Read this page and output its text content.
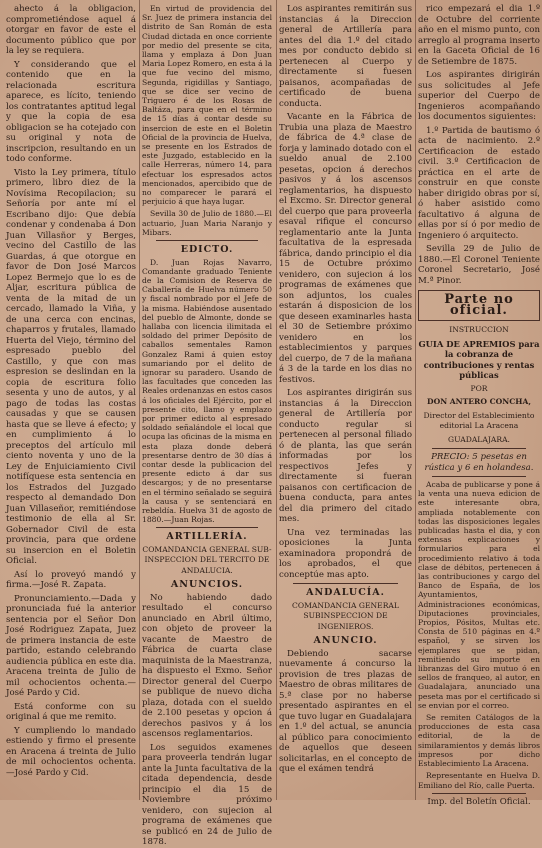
ahecto á la obligacion, comprometiéndose aquel á otorgar en favor de este el documento público que por la ley se requiera.

Y considerando que el contenido que en la relacionada escritura aparece, es lícito, teniendo los contratantes aptitud legal y que la copia de esa obligacion se ha cotejado con su original y nota de inscripcion, resultando en un todo conforme.

Visto la Ley primera, título primero, libro diez de la Novísima Recopilacion; su Señoría por ante mí el Escribano dijo: Que debía condenar y condenaba á Don Juan Villasñor y Berges, vecino del Castillo de las Guardas, á que otorgue en favor de Don José Marcos Lopez Bermejo que lo es de Aljar, escritura pública de venta de la mitad de un cercado, llamado la Viña, y de una cerca con encinas, chaparros y frutales, llamado Huerta del Viejo, término del espresado pueblo del Castillo, y que con mas espresion se deslindan en la copia de escritura folio sesenta y uno de autos, y al pago de todas las costas causadas y que se causen hasta que se lleve á efecto; y en cumplimiento á lo preceptos del artículo mil ciento noventa y uno de la Ley de Enjuiciamiento Civil notifíquese esta sentencia en los Estrados del Juzgado respecto al demandado Don Juan Villaseñor, remitiéndose testimonio de ella al Sr. Gobernador Civil de esta provincia, para que ordene su insercion en el Boletin Oficial.

Así lo proveyó mandó y firma.—José R. Zapata.

Pronunciamiento.—Dada y pronunciada fué la anterior sentencia por el Señor Don José Rodriguez Zapata, Juez de primera instancia de este partido, estando celebrando audiencia pública en este dia. Aracena treinta de Julio de mil ochocientos ochenta.—José Pardo y Cid.

Está conforme con su original á que me remito.

Y cumpliendo lo mandado estiendo y firmo el presente en Aracena á treinta de Julio de mil ochocientos ochenta.—José Pardo y Cid.

En virtud de providencia del Sr. Juez de primera instancia del distrito de San Román de esta Ciudad dictada en once corriente por medio del presente se cita, llama y emplaza á Don Juan Maria Lopez Romero, en esta á la que fue vecino del mismo, Segunda, rigidillas y Santiago, que se dice ser vecino de Triguero é de los Rosas de Baltáza, para que en el término de 15 días á contar desde su insercion de este en el Boletin Oficial de la provincia de Huelva, se presente en los Estrados de este Juzgado, establecido en la calle Herreras, número 14, para efectuar los espresados actos mencionados, apercibido que de no comparecer le parará el perjuicio á que haya lugar.

Sevilla 30 de Julio de 1880.—El actuario, Juan Maria Naranjo y Mibars.

EDICTO.

D. Juan Rojas Navarro, Comandante graduado Teniente de la Comision de Reserva de Caballería de Huelva número 50 y fiscal nombrado por el Jefe de la misma. Habiéndose ausentado del pueblo de Almonte, donde se hallaba con licencia ilimitada el soldado del primer Depósito de caballos sementales Ramon Gonzalez Rami á quien estoy sumariando por el delito de ignorar su paradero. Usando de las facultades que conceden las Reales ordenanzas en estos casos á los oficiales del Ejército, por el presente cito, llamo y emplazo por primer edicto al espresado soldado señalándole el local que ocupa las oficinas de la misma en esta plaza donde deberá presentarse dentro de 30 días á contar desde la publicacion del presente edicto á dar sus descargos; y de no presentarse en el término señalado se seguirá la causa y se sentenciará en rebeldía. Huelva 31 de agosto de 1880.—Juan Rojas.

ARTILLERÍA.
COMANDANCIA GENERAL SUB-INSPECCION DEL TERCITO DE ANDALUCIA.
ANUNCIOS.

No habiendo dado resultado el concurso anunciado en Abril último, con objeto de proveer la vacante de Maestro de Fábrica de cuarta clase maquinista de la Maestranza, ha dispuesto el Exmo. Señor Director general del Cuerpo se publique de nuevo dicha plaza, dotada con el sueldo de 2.100 pesetas y opcion á derechos pasivos y á los ascensos reglamentarios.

Los seguidos examenes para proveerla tendrán lugar ante la Junta facultativa de la citada dependencia, desde principio el dia 15 de Noviembre próximo venidero, con sujecion al programa de exámenes que se publicó en 24 de Julio de 1878.

Los aspirantes remitirán sus instancias á la Direccion general de Artillería para antes del dia 1.º del citado mes por conducto debido si pertenecen al Cuerpo y directamente si fuesen paisanos, acompañadas de certificado de buena conducta.

Vacante en la Fábrica de Trubia una plaza de Maestro de fábrica de 4.ª clase de forja y laminado dotado con el sueldo anual de 2.100 pesetas, opcion á derechos pasivos y á los ascensos reglamentarios, ha dispuesto el Excmo. Sr. Director general del cuerpo que para proveerla esaval rifique el concurso reglamentario ante la Junta facultativa de la espresada fábrica, dando principio el dia 15 de Octubre próximo venidero, con sujecion á los programas de exámenes que son adjuntos, los cuales estarán á disposicion de los que deseen examinarles hasta el 30 de Setiembre próximo venidero en los establecimientos y parques del cuerpo, de 7 de la mañana á 3 de la tarde en los dias no festivos.

Los aspirantes dirigirán sus instancias á la Direccion general de Artillería por conducto regular si pertenecen al personal filiado ó de planta, las que serán informadas por los respectivos Jefes y directamente si fueran paisanos con certificacion de buena conducta, para antes del dia primero del citado mes.

Una vez terminadas las oposiciones la Junta examinadora propondrá de los aprobados, el que conceptúe mas apto.

ANDALUCÍA.
COMANDANCIA GENERAL SUBINSPECCION DE INGENIEROS.
ANUNCIO.

Debiendo sacarse nuevamente á concurso la provision de tres plazas de Maestro de obras militares de 5.ª clase por no haberse presentado aspirantes en el que tuvo lugar en Guadalajara en 1.º del actual, se anuncia al público para conocimiento de aquellos que deseen solicitarlas, en el concepto de que el exámen tendrá

rico empezará el dia 1.º de Octubre del corriente año en el mismo punto, con arreglo al programa inserto en la Gaceta Oficial de 16 de Setiembre de 1875.

Los aspirantes dirigirán sus solicitudes al Jefe superior del Cuerpo de Ingenieros acompañando los documentos siguientes:

1.º Partida de bautismo ó acta de nacimiento. 2.º Certificacion de estado civil. 3.º Certificacion de práctica en el arte de construir en que conste haber dirigido obras por sí, ó haber asistido como facultativo á alguna de ellas por sí ó por medio de Ingeniero ó arquitecto.

Sevilla 29 de Julio de 1880.—El Coronel Teniente Coronel Secretario, José M.ª Pinor.

Parte no oficial.
INSTRUCCION
GUIA DE APREMIOS para la cobranza de contribuciones y rentas públicas
POR
DON ANTERO CONCHA,
Director del Establecimiento editorial La Aracena
GUADALAJARA.

PRECIO: 5 pesetas en rústica y 6 en holandesa.

Acaba de publicarse y pone á la venta una nueva edicion de este interesante obra, ampliada notablemente con todas las disposiciones legales publicadas hasta el dia, y con extensas explicaciones y formularios para el procedimiento relativo á toda clase de débitos, pertenecen á las contribuciones y cargo del Banco de España, de los Ayuntamientos, Administraciones económicas, Diputaciones provinciales, Propios, Pósitos, Multas etc. Consta de 510 páginas en 4.º español, y se sirven los ejemplares que se pidan, remitiendo su importe en libranzas del Giro mutuo ó en sellos de franqueo, al autor, en Guadalajara, anunciado una peseta mas por el certificado si se envian por el correo.

Se remiten Catálogos de la producciones de esta casa editorial, de la de similaramientos y demás libros impresos por dicho Establecimiento La Aracena.

Representante en Huelva D. Emiliano del Río, calle Puerta.

Imp. del Boletín Oficial.
